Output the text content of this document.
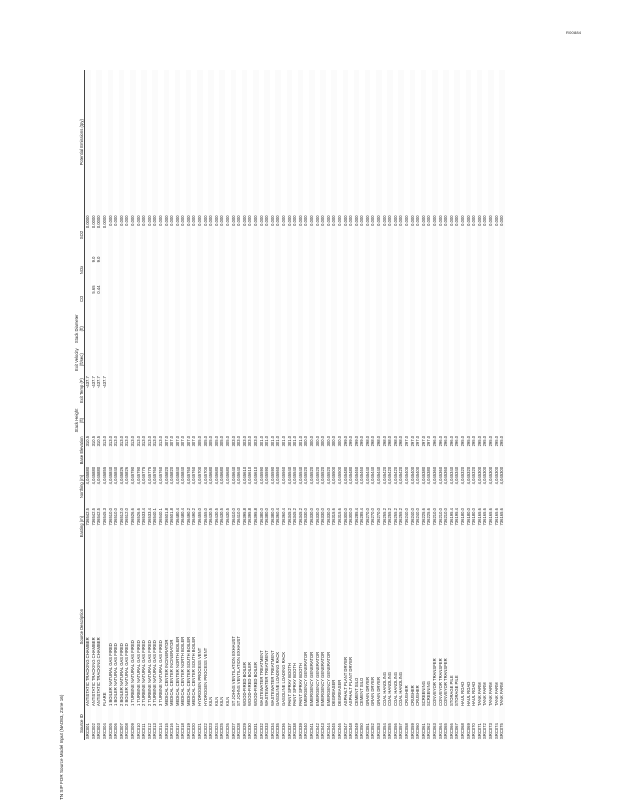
R00884
TN SIP FOR Source Model Input (NAD83, Zone 16)	Source ID	Source Description	Easting (m)	Northing (m)	Base Elevation	Stack Height (ft)	Exit Temp (F)	Exit Velocity (ft/sec)	Stack Diameter (ft)	CO	NOx	SO2	Potential Emissions (tpy)
SRC001	ANTISTATIC TRACKING CHAMBER	736542.5	4,045880	310.5		-437.7					0.0000	
SRC002	ANTISTATIC TRACKING CHAMBER	736542.5	4,045880	310.5		-437.7			5.65	9.0	0.0000	
SRC003	ANTISTATIC TRACKING CHAMBER	736542.5	4,045880	310.5		-437.7			0.44	9.0	0.0000	
SRC004	FLARE	736545.3	4,045855	313.0		-437.7					0.0000	
SRC005	1 BOILER NATURAL GAS FIRED	736510.0	4,045840	313.0							0.000	
SRC006	1 BOILER NATURAL GAS FIRED	736510.0	4,045840	313.0							0.000	
SRC007	2 BOILER NATURAL GAS FIRED	736512.0	4,045826	313.0							0.000	
SRC008	2 BOILER NATURAL GAS FIRED	736512.0	4,045826	313.0							0.000	
SRC009	1 TURBINE NATURAL GAS FIRED	736526.6	4,045790	313.0							0.000	
SRC010	1 TURBINE NATURAL GAS FIRED	736526.6	4,045790	313.0							0.000	
SRC011	2 TURBINE NATURAL GAS FIRED	736533.4	4,045775	313.0							0.000	
SRC012	2 TURBINE NATURAL GAS FIRED	736533.4	4,045775	313.0							0.000	
SRC013	3 TURBINE NATURAL GAS FIRED	736540.1	4,045760	313.0							0.000	
SRC014	3 TURBINE NATURAL GAS FIRED	736540.1	4,045760	313.0							0.000	
SRC015	MEDICAL CENTER INCINERATOR	736501.8	4,045820	307.0							0.000	
SRC016	MEDICAL CENTER INCINERATOR	736501.8	4,045820	307.0							0.000	
SRC017	MEDICAL CENTER NORTH BOILER	736480.4	4,045840	307.0							0.000	
SRC018	MEDICAL CENTER NORTH BOILER	736480.4	4,045840	307.0							0.000	
SRC019	MEDICAL CENTER SOUTH BOILER	736490.2	4,045760	307.0							0.000	
SRC020	MEDICAL CENTER SOUTH BOILER	736490.2	4,045760	307.0							0.000	
SRC021	HYDROGEN PROCESS VENT	736455.0	4,045700	305.0							0.000	
SRC022	HYDROGEN PROCESS VENT	736455.0	4,045700	305.0							0.000	
SRC023	KILN	736430.5	4,045680	305.0							0.000	
SRC024	KILN	736430.5	4,045680	305.0							0.000	
SRC025	KILN	736430.5	4,045680	305.0							0.000	
SRC026	KILN	736430.5	4,045680	305.0							0.000	
SRC027	ST JOHNS VENTILATION EXHAUST	736410.0	4,045640	303.0							0.000	
SRC028	ST JOHNS VENTILATION EXHAUST	736410.0	4,045640	303.0							0.000	
SRC029	WOOD-FIRED BOILER	736395.8	4,045610	303.0							0.000	
SRC030	WOOD-FIRED BOILER	736395.8	4,045610	303.0							0.000	
SRC031	WOOD-FIRED BOILER	736395.8	4,045610	303.0							0.000	
SRC032	WASTEWATER TREATMENT	736380.0	4,045590	301.0							0.000	
SRC033	WASTEWATER TREATMENT	736380.0	4,045590	301.0							0.000	
SRC034	WASTEWATER TREATMENT	736380.0	4,045590	301.0							0.000	
SRC035	GASOLINE LOADING RACK	736360.4	4,045560	301.0							0.000	
SRC036	GASOLINE LOADING RACK	736360.4	4,045560	301.0							0.000	
SRC037	PAINT SPRAY BOOTH	736345.2	4,045540	301.0							0.000	
SRC038	PAINT SPRAY BOOTH	736345.2	4,045540	301.0							0.000	
SRC039	PAINT SPRAY BOOTH	736345.2	4,045540	301.0							0.000	
SRC040	EMERGENCY GENERATOR	736330.0	4,045520	300.0							0.000	
SRC041	EMERGENCY GENERATOR	736330.0	4,045520	300.0							0.000	
SRC042	EMERGENCY GENERATOR	736330.0	4,045520	300.0							0.000	
SRC043	EMERGENCY GENERATOR	736330.0	4,045520	300.0							0.000	
SRC044	EMERGENCY GENERATOR	736330.0	4,045520	300.0							0.000	
SRC045	DEGREASER	736315.6	4,045500	300.0							0.000	
SRC046	DEGREASER	736315.6	4,045500	300.0							0.000	
SRC047	ASPHALT PLANT DRYER	736300.0	4,045480	299.0							0.000	
SRC048	ASPHALT PLANT DRYER	736300.0	4,045480	299.0							0.000	
SRC049	CEMENT SILO	736285.4	4,045460	299.0							0.000	
SRC050	CEMENT SILO	736285.4	4,045460	299.0							0.000	
SRC051	GRAIN DRYER	736270.0	4,045440	298.0							0.000	
SRC052	GRAIN DRYER	736270.0	4,045440	298.0							0.000	
SRC053	GRAIN DRYER	736270.0	4,045440	298.0							0.000	
SRC054	COAL HANDLING	736255.2	4,045420	298.0							0.000	
SRC055	COAL HANDLING	736255.2	4,045420	298.0							0.000	
SRC056	COAL HANDLING	736255.2	4,045420	298.0							0.000	
SRC057	COAL HANDLING	736255.2	4,045420	298.0							0.000	
SRC058	CRUSHER	736240.0	4,045400	297.0							0.000	
SRC059	CRUSHER	736240.0	4,045400	297.0							0.000	
SRC060	CRUSHER	736240.0	4,045400	297.0							0.000	
SRC061	SCREENING	736225.6	4,045380	297.0							0.000	
SRC062	SCREENING	736225.6	4,045380	297.0							0.000	
SRC063	CONVEYOR TRANSFER	736210.0	4,045360	296.0							0.000	
SRC064	CONVEYOR TRANSFER	736210.0	4,045360	296.0							0.000	
SRC065	CONVEYOR TRANSFER	736210.0	4,045360	296.0							0.000	
SRC066	STORAGE PILE	736195.4	4,045340	296.0							0.000	
SRC067	STORAGE PILE	736195.4	4,045340	296.0							0.000	
SRC068	HAUL ROAD	736180.0	4,045320	295.0							0.000	
SRC069	HAUL ROAD	736180.0	4,045320	295.0							0.000	
SRC070	HAUL ROAD	736180.0	4,045320	295.0							0.000	
SRC071	TANK FARM	736165.6	4,045300	295.0							0.000	
SRC072	TANK FARM	736165.6	4,045300	295.0							0.000	
SRC073	TANK FARM	736165.6	4,045300	295.0							0.000	
SRC074	TANK FARM	736165.6	4,045300	295.0							0.000	
SRC075	TANK FARM	736165.6	4,045300	295.0							0.000	
